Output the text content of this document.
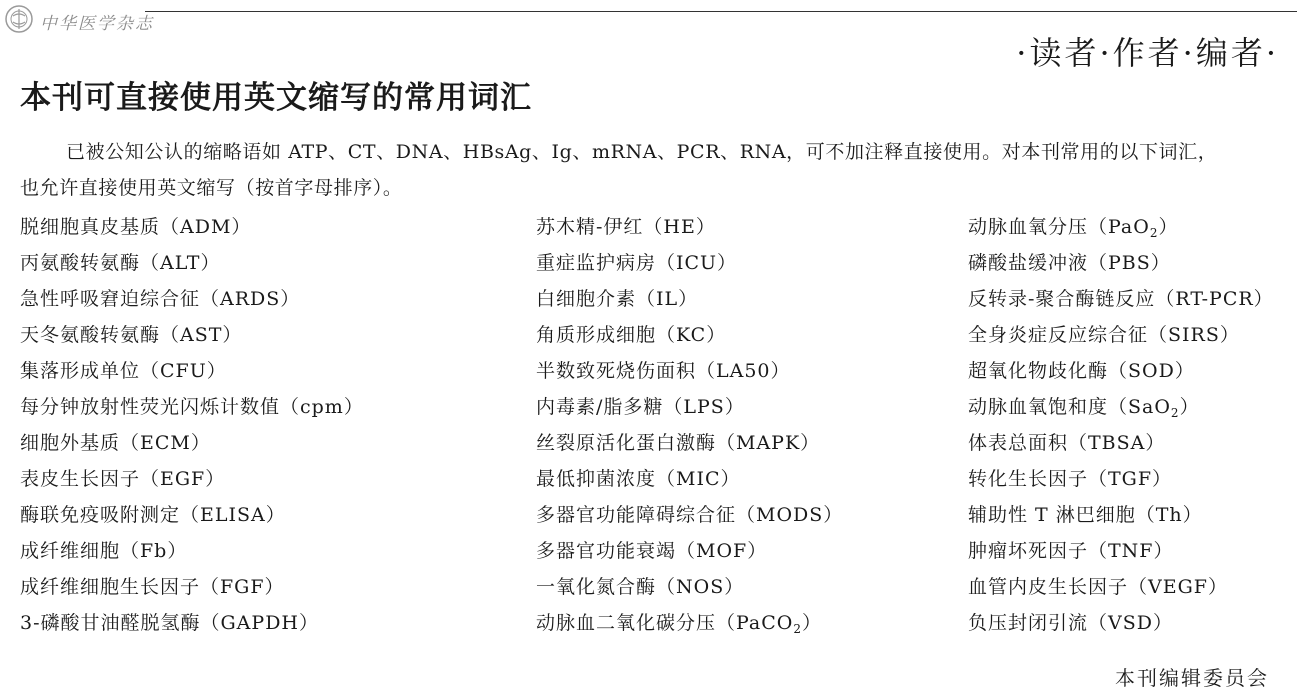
中华医学杂志
·读者·作者·编者·
本刊可直接使用英文缩写的常用词汇

已被公知公认的缩略语如 ATP、CT、DNA、HBsAg、Ig、mRNA、PCR、RNA，可不加注释直接使用。对本刊常用的以下词汇，
也允许直接使用英文缩写（按首字母排序）。

脱细胞真皮基质（ADM）
丙氨酸转氨酶（ALT）
急性呼吸窘迫综合征（ARDS）
天冬氨酸转氨酶（AST）
集落形成单位（CFU）
每分钟放射性荧光闪烁计数值（cpm）
细胞外基质（ECM）
表皮生长因子（EGF）
酶联免疫吸附测定（ELISA）
成纤维细胞（Fb）
成纤维细胞生长因子（FGF）
3-磷酸甘油醛脱氢酶（GAPDH）
苏木精-伊红（HE）
重症监护病房（ICU）
白细胞介素（IL）
角质形成细胞（KC）
半数致死烧伤面积（LA50）
内毒素/脂多糖（LPS）
丝裂原活化蛋白激酶（MAPK）
最低抑菌浓度（MIC）
多器官功能障碍综合征（MODS）
多器官功能衰竭（MOF）
一氧化氮合酶（NOS）
动脉血二氧化碳分压（PaCO$_2$）
动脉血氧分压（PaO$_2$）
磷酸盐缓冲液（PBS）
反转录-聚合酶链反应（RT-PCR）
全身炎症反应综合征（SIRS）
超氧化物歧化酶（SOD）
动脉血氧饱和度（SaO$_2$）
体表总面积（TBSA）
转化生长因子（TGF）
辅助性 T 淋巴细胞（Th）
肿瘤坏死因子（TNF）
血管内皮生长因子（VEGF）
负压封闭引流（VSD）
本刊编辑委员会
